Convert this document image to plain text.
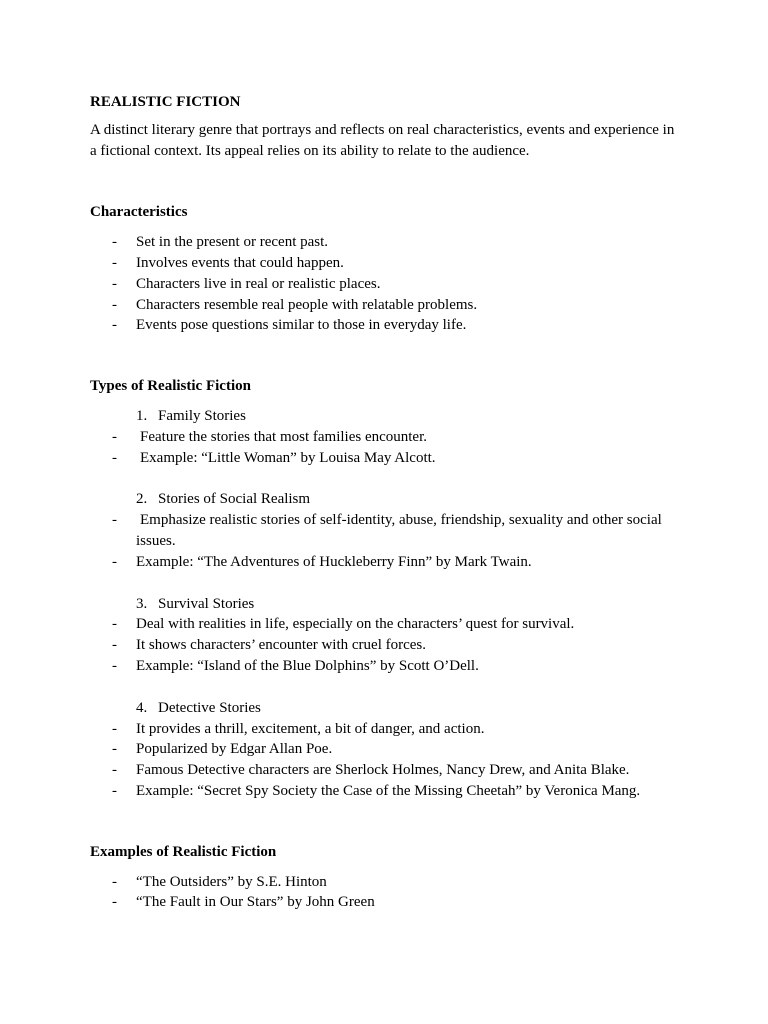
REALISTIC FICTION

A distinct literary genre that portrays and reflects on real characteristics, events and experience in a fictional context. Its appeal relies on its ability to relate to the audience.

Characteristics
- Set in the present or recent past.
- Involves events that could happen.
- Characters live in real or realistic places.
- Characters resemble real people with relatable problems.
- Events pose questions similar to those in everyday life.
Types of Realistic Fiction
1. Family Stories
- Feature the stories that most families encounter.
- Example: “Little Woman” by Louisa May Alcott.
2. Stories of Social Realism
- Emphasize realistic stories of self-identity, abuse, friendship, sexuality and other social issues.
- Example: “The Adventures of Huckleberry Finn” by Mark Twain.
3. Survival Stories
- Deal with realities in life, especially on the characters’ quest for survival.
- It shows characters’ encounter with cruel forces.
- Example: “Island of the Blue Dolphins” by Scott O’Dell.
4. Detective Stories
- It provides a thrill, excitement, a bit of danger, and action.
- Popularized by Edgar Allan Poe.
- Famous Detective characters are Sherlock Holmes, Nancy Drew, and Anita Blake.
- Example: “Secret Spy Society the Case of the Missing Cheetah” by Veronica Mang.
Examples of Realistic Fiction
- “The Outsiders” by S.E. Hinton
- “The Fault in Our Stars” by John Green
